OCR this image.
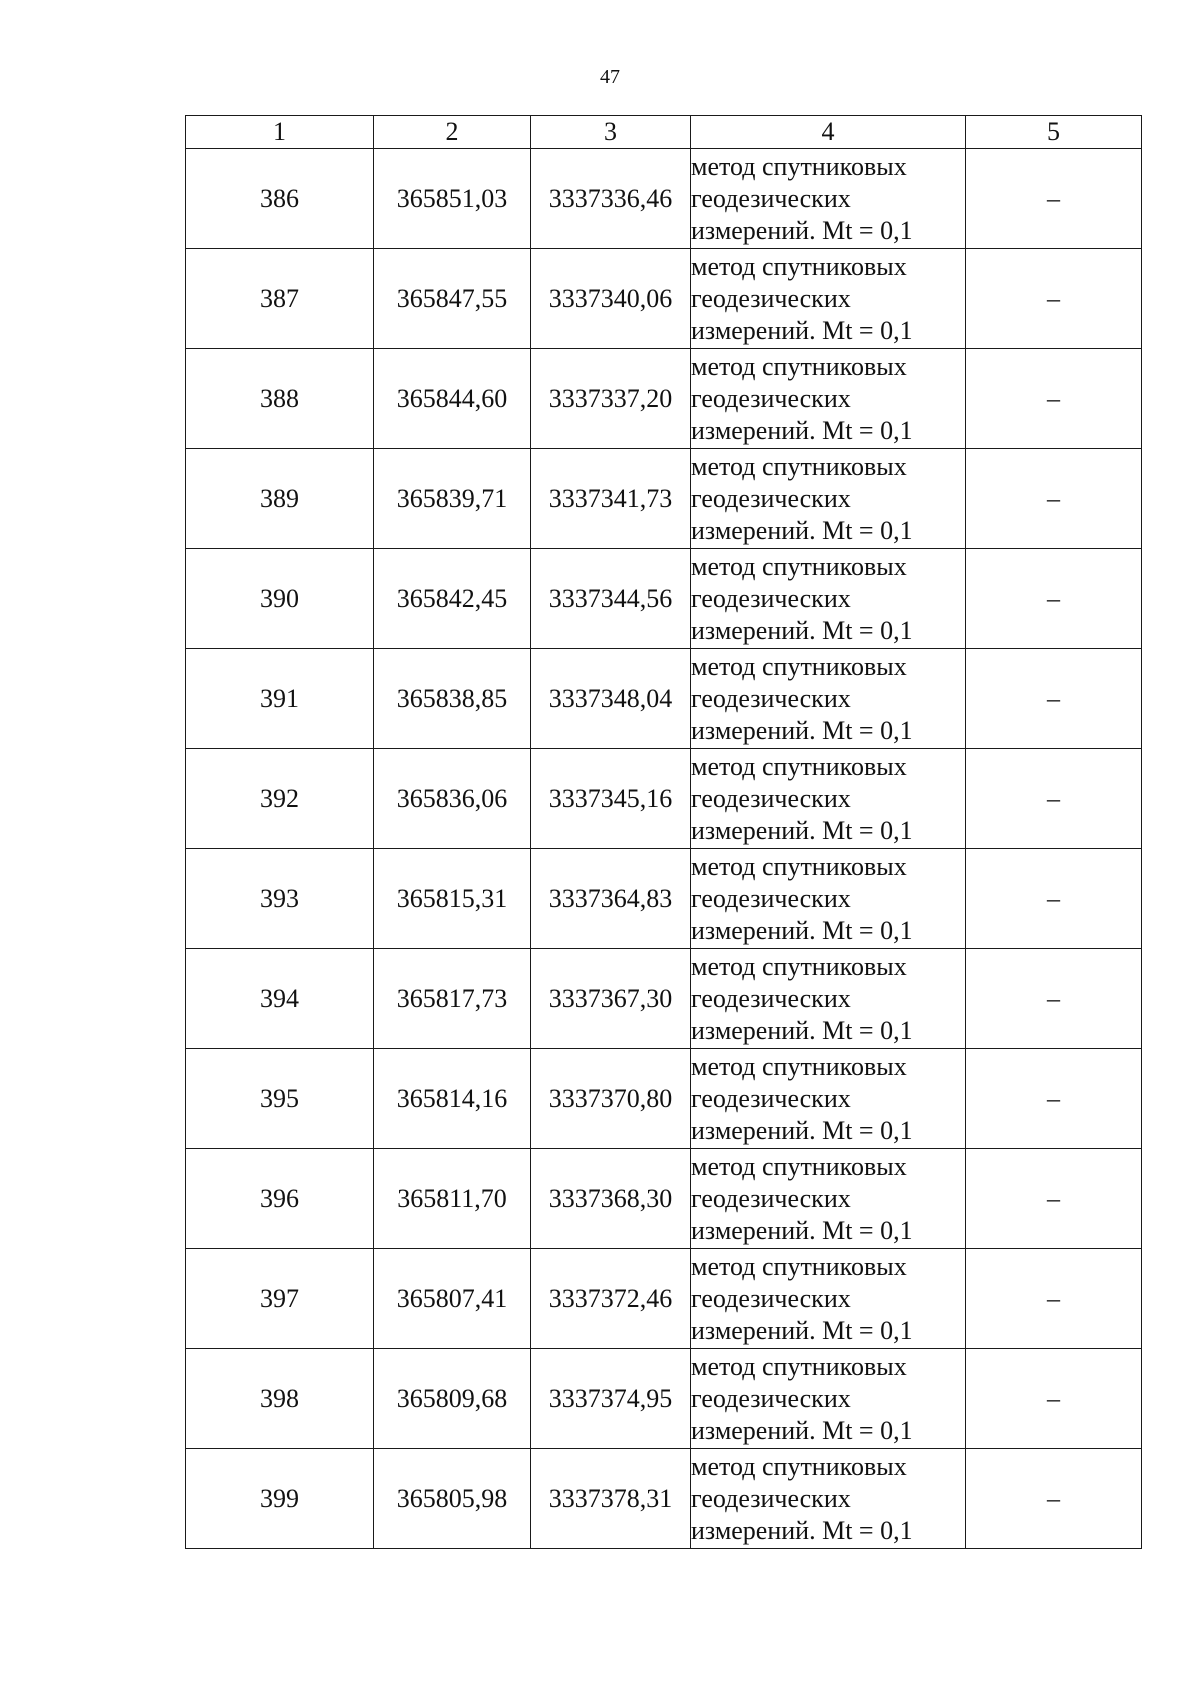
47
1	2	3	4	5
386	365851,03	3337336,46	метод спутниковых
геодезических
измерений. Mt = 0,1	–
387	365847,55	3337340,06	метод спутниковых
геодезических
измерений. Mt = 0,1	–
388	365844,60	3337337,20	метод спутниковых
геодезических
измерений. Mt = 0,1	–
389	365839,71	3337341,73	метод спутниковых
геодезических
измерений. Mt = 0,1	–
390	365842,45	3337344,56	метод спутниковых
геодезических
измерений. Mt = 0,1	–
391	365838,85	3337348,04	метод спутниковых
геодезических
измерений. Mt = 0,1	–
392	365836,06	3337345,16	метод спутниковых
геодезических
измерений. Mt = 0,1	–
393	365815,31	3337364,83	метод спутниковых
геодезических
измерений. Mt = 0,1	–
394	365817,73	3337367,30	метод спутниковых
геодезических
измерений. Mt = 0,1	–
395	365814,16	3337370,80	метод спутниковых
геодезических
измерений. Mt = 0,1	–
396	365811,70	3337368,30	метод спутниковых
геодезических
измерений. Mt = 0,1	–
397	365807,41	3337372,46	метод спутниковых
геодезических
измерений. Mt = 0,1	–
398	365809,68	3337374,95	метод спутниковых
геодезических
измерений. Mt = 0,1	–
399	365805,98	3337378,31	метод спутниковых
геодезических
измерений. Mt = 0,1	–
